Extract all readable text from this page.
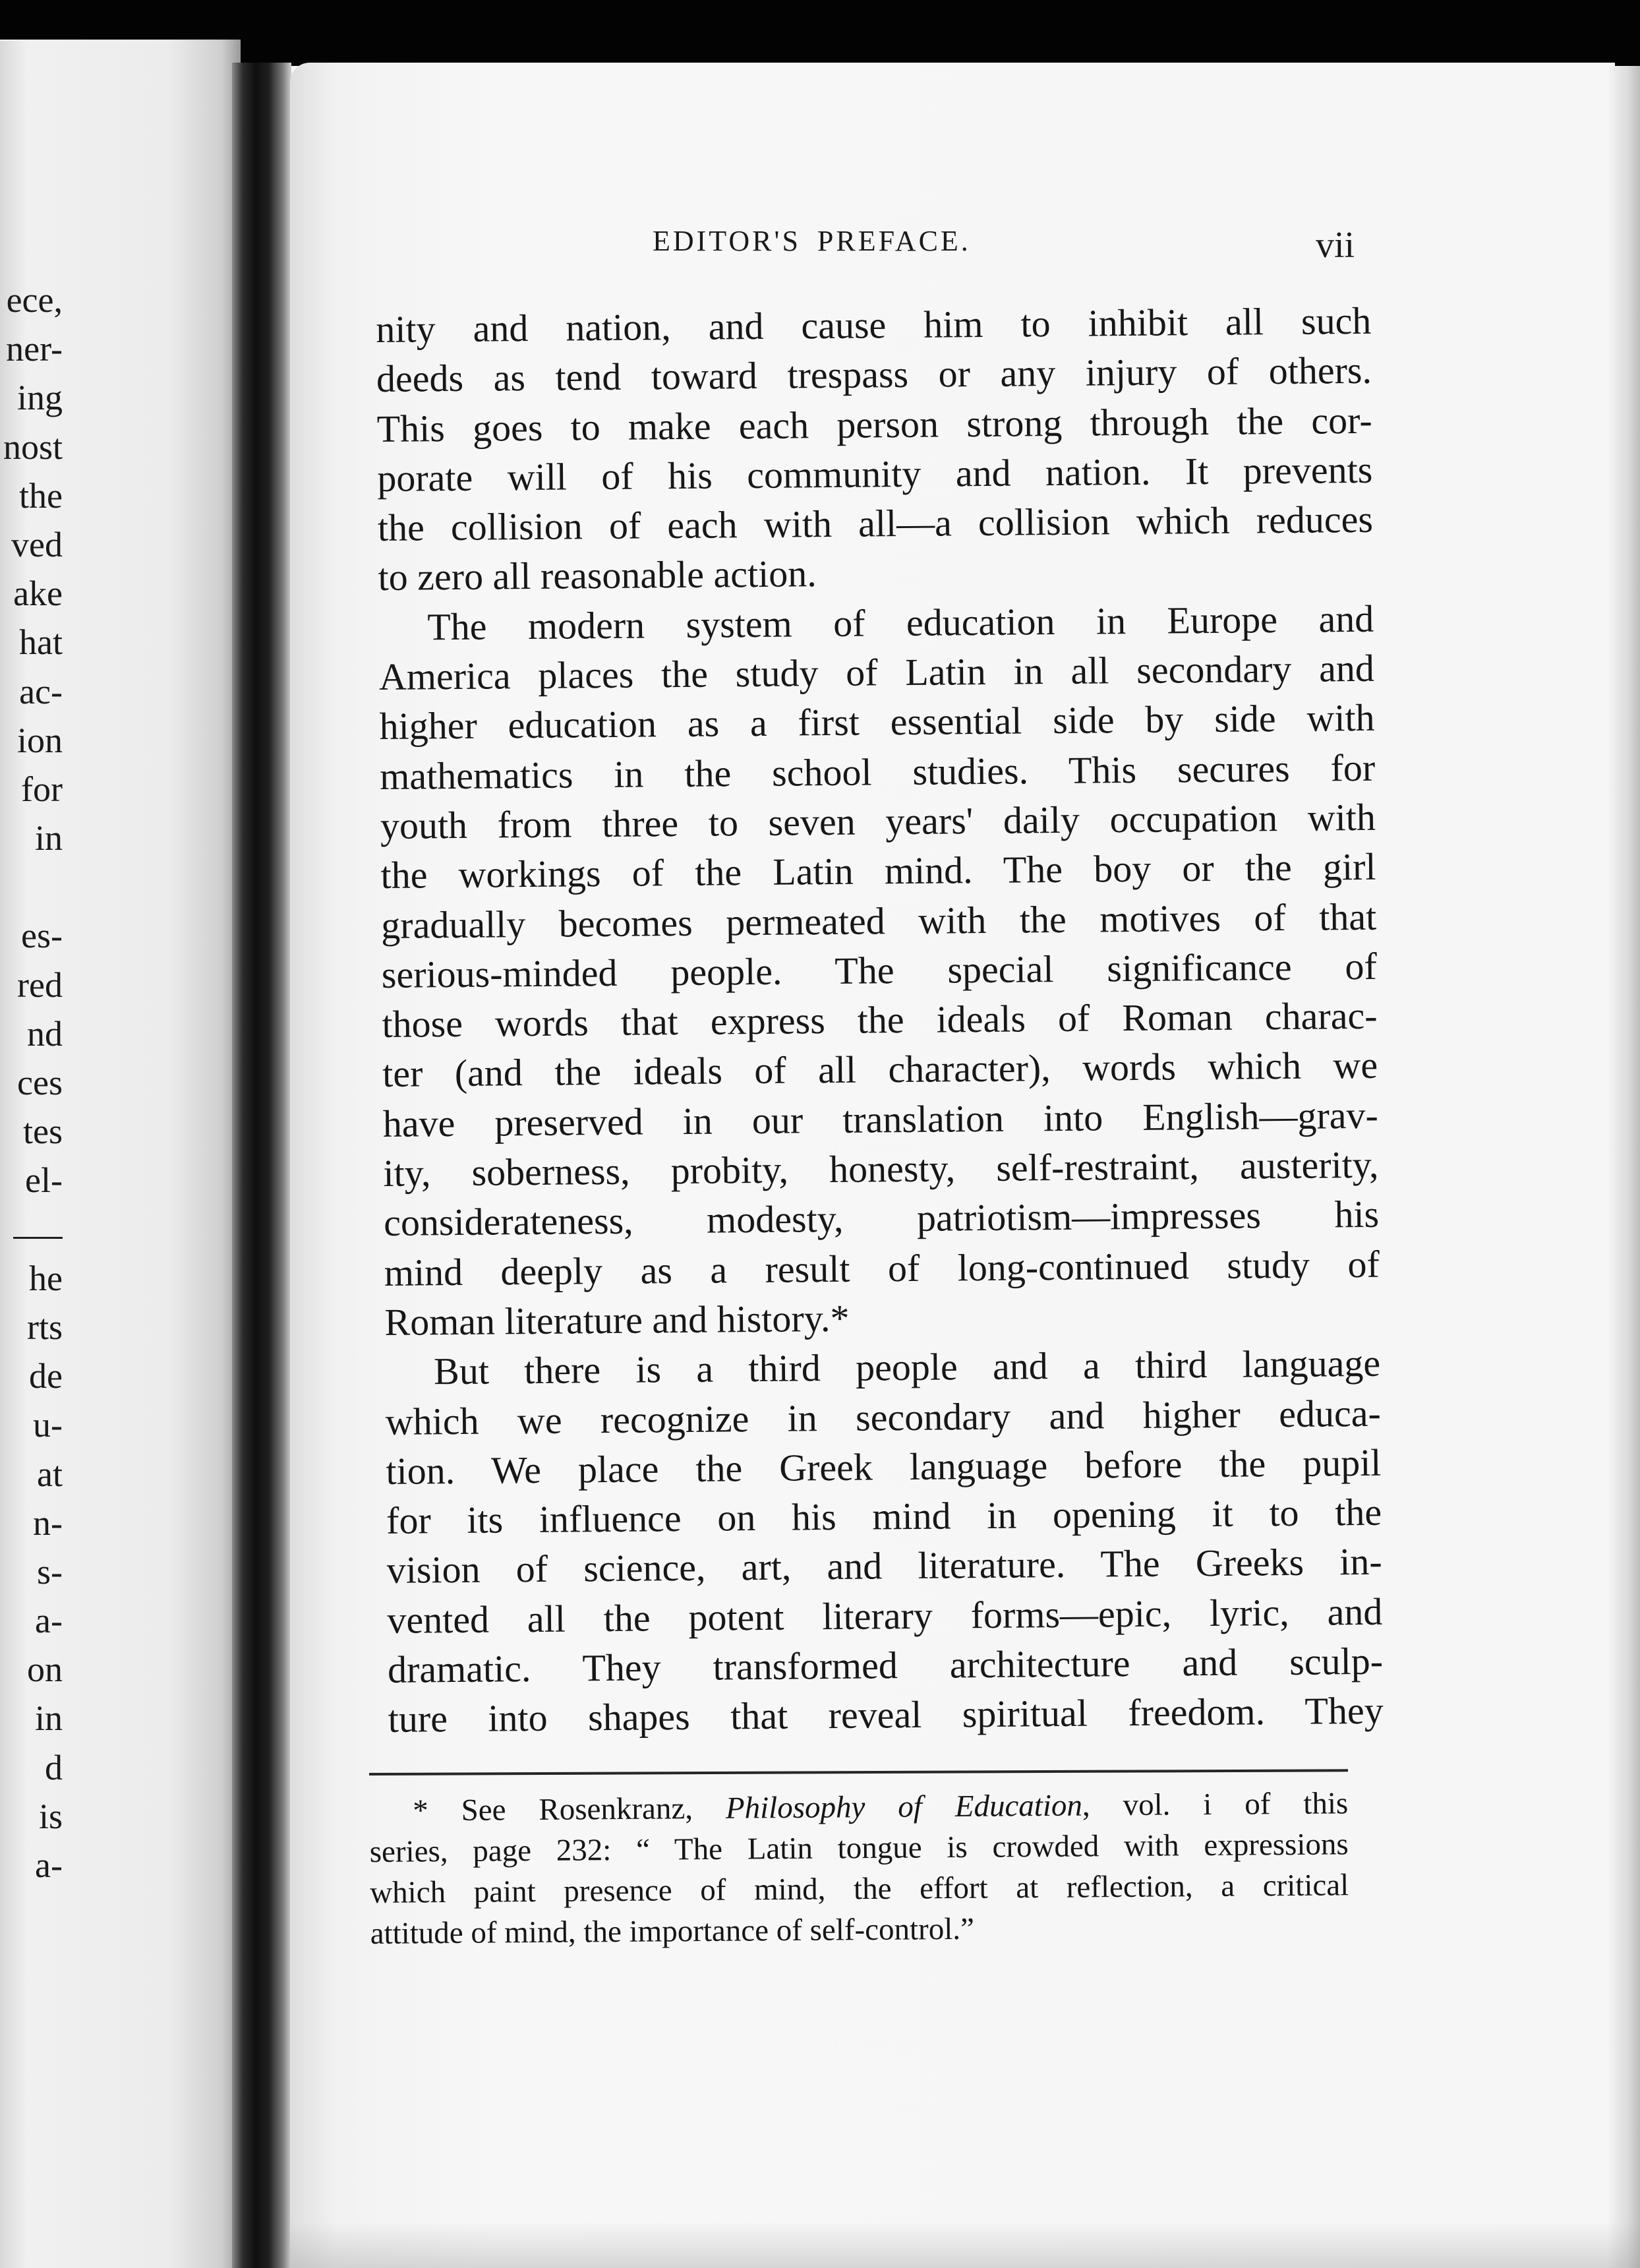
ece,
ner-
ing
nost
the
ved
ake
hat
ac-
ion
for
in
es-
red
nd
ces
tes
el-
he
rts
de
u-
at
n-
s-
a-
on
in
d
is
a-
EDITOR'S PREFACE.	vii
nity and nation, and cause him to inhibit all such
deeds as tend toward trespass or any injury of others.
This goes to make each person strong through the cor-
porate will of his community and nation. It prevents
the collision of each with all—a collision which reduces
to zero all reasonable action.
The modern system of education in Europe and
America places the study of Latin in all secondary and
higher education as a first essential side by side with
mathematics in the school studies. This secures for
youth from three to seven years' daily occupation with
the workings of the Latin mind. The boy or the girl
gradually becomes permeated with the motives of that
serious-minded people. The special significance of
those words that express the ideals of Roman charac-
ter (and the ideals of all character), words which we
have preserved in our translation into English—grav-
ity, soberness, probity, honesty, self-restraint, austerity,
considerateness, modesty, patriotism—impresses his
mind deeply as a result of long-continued study of
Roman literature and history.*
But there is a third people and a third language
which we recognize in secondary and higher educa-
tion. We place the Greek language before the pupil
for its influence on his mind in opening it to the
vision of science, art, and literature. The Greeks in-
vented all the potent literary forms—epic, lyric, and
dramatic. They transformed architecture and sculp-
ture into shapes that reveal spiritual freedom. They
* See Rosenkranz, Philosophy of Education, vol. i of this
series, page 232: “ The Latin tongue is crowded with expressions
which paint presence of mind, the effort at reflection, a critical
attitude of mind, the importance of self-control.”
